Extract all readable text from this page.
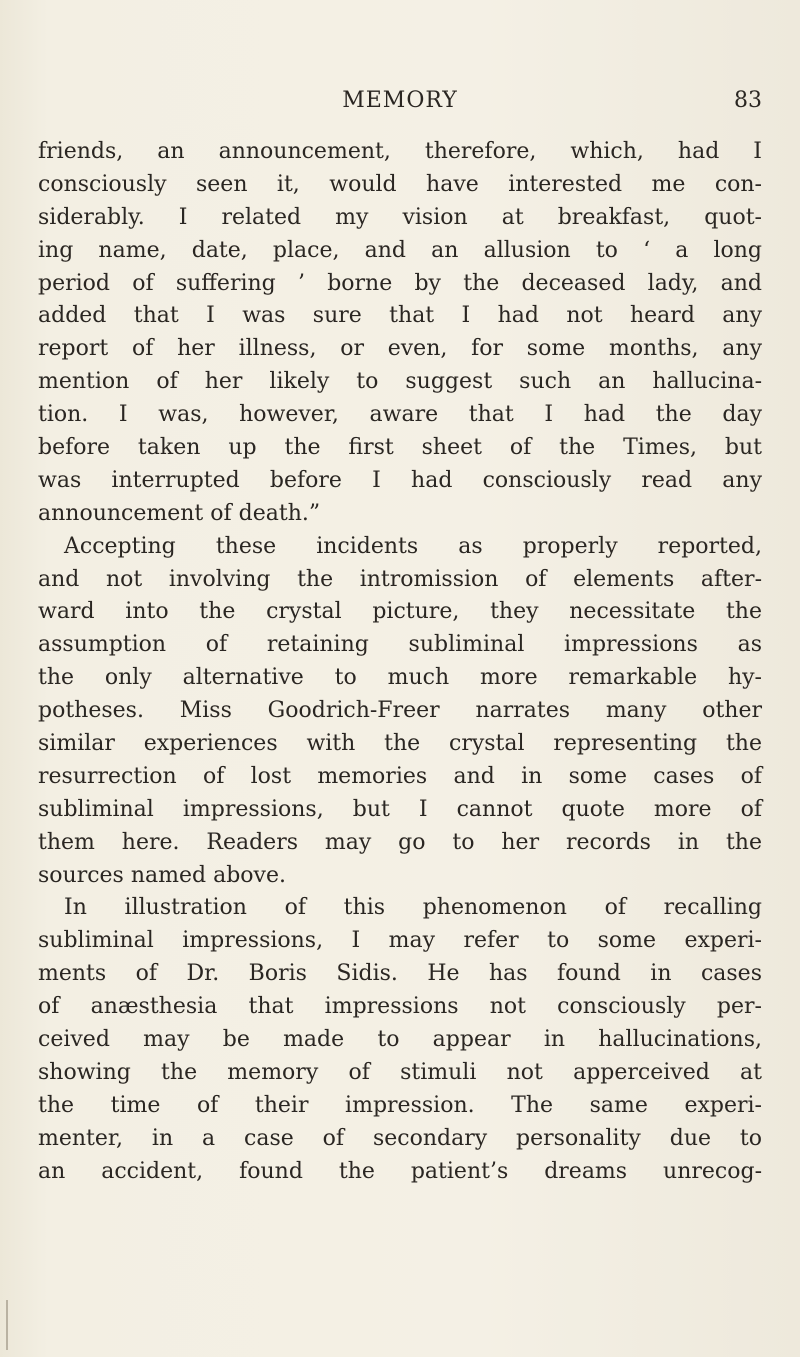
MEMORY	83
friends, an announcement, therefore, which, had I
consciously seen it, would have interested me con-
siderably. I related my vision at breakfast, quot-
ing name, date, place, and an allusion to ‘ a long
period of suffering ’ borne by the deceased lady, and
added that I was sure that I had not heard any
report of her illness, or even, for some months, any
mention of her likely to suggest such an hallucina-
tion. I was, however, aware that I had the day
before taken up the first sheet of the Times, but
was interrupted before I had consciously read any
announcement of death.”
Accepting these incidents as properly reported,
and not involving the intromission of elements after-
ward into the crystal picture, they necessitate the
assumption of retaining subliminal impressions as
the only alternative to much more remarkable hy-
potheses. Miss Goodrich-Freer narrates many other
similar experiences with the crystal representing the
resurrection of lost memories and in some cases of
subliminal impressions, but I cannot quote more of
them here. Readers may go to her records in the
sources named above.
In illustration of this phenomenon of recalling
subliminal impressions, I may refer to some experi-
ments of Dr. Boris Sidis. He has found in cases
of anæsthesia that impressions not consciously per-
ceived may be made to appear in hallucinations,
showing the memory of stimuli not apperceived at
the time of their impression. The same experi-
menter, in a case of secondary personality due to
an accident, found the patient’s dreams unrecog-
